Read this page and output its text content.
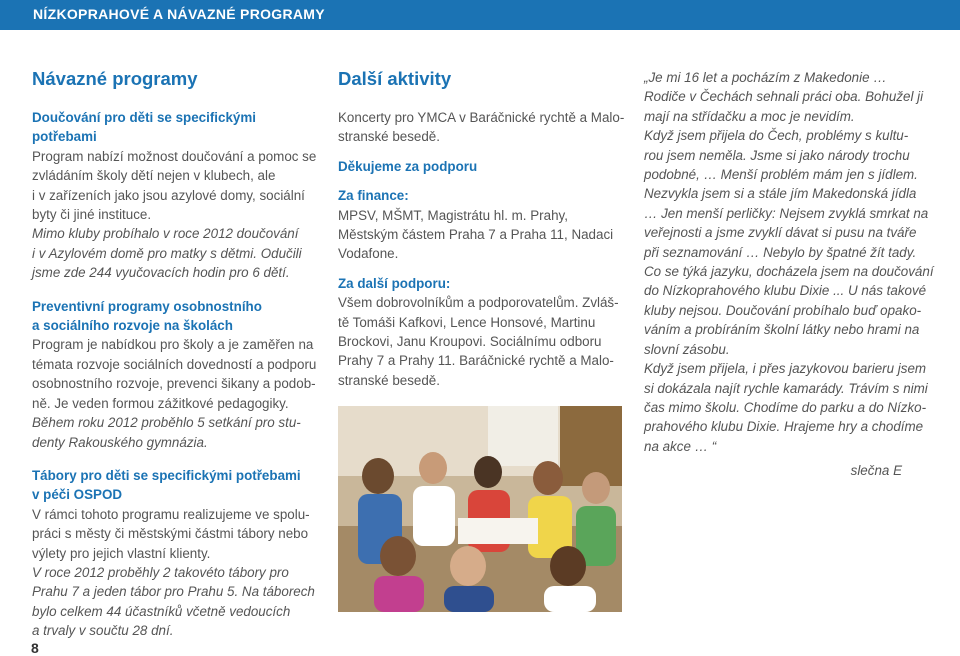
NÍZKOPRAHOVÉ A NÁVAZNÉ PROGRAMY

Návazné programy

Doučování pro děti se specifickými potřebami

Program nabízí možnost doučování a pomoc se
zvládáním školy dětí nejen v klubech, ale
i v zařízeních jako jsou azylové domy, sociální
byty či jiné instituce.

Mimo kluby probíhalo v roce 2012 doučování
i v Azylovém domě pro matky s dětmi. Odučili
jsme zde 244 vyučovacích hodin pro 6 dětí.

Preventivní programy osobnostního
a sociálního rozvoje na školách

Program je nabídkou pro školy a je zaměřen na
témata rozvoje sociálních dovedností a podporu
osobnostního rozvoje, prevenci šikany a podob-
ně. Je veden formou zážitkové pedagogiky.

Během roku 2012 proběhlo 5 setkání pro stu-
denty Rakouského gymnázia.

Tábory pro děti se specifickými potřebami
v péči OSPOD

V rámci tohoto programu realizujeme ve spolu-
práci s městy či městskými částmi tábory nebo
výlety pro jejich vlastní klienty.

V roce 2012 proběhly 2 takovéto tábory pro
Prahu 7 a jeden tábor pro Prahu 5. Na táborech
bylo celkem 44 účastníků včetně vedoucích
a trvaly v součtu 28 dní.

Další aktivity

Koncerty pro YMCA v Baráčnické rychtě a Malo-
stranské besedě.

Děkujeme za podporu

Za finance:

MPSV, MŠMT, Magistrátu hl. m. Prahy,
Městským částem Praha 7 a Praha 11, Nadaci
Vodafone.

Za další podporu:

Všem dobrovolníkům a podporovatelům. Zvláš-
tě Tomáši Kafkovi, Lence Honsové, Martinu
Brockovi, Janu Kroupovi. Sociálnímu odboru
Prahy 7 a Prahy 11. Baráčnické rychtě a Malo-
stranské besedě.

„Je mi 16 let a pocházím z Makedonie …
Rodiče v Čechách sehnali práci oba. Bohužel ji
mají na střídačku a moc je nevidím.
Když jsem přijela do Čech, problémy s kultu-
rou jsem neměla. Jsme si jako národy trochu
podobné, … Menší problém mám jen s jídlem.
Nezvykla jsem si a stále jím Makedonská jídla
… Jen menší perličky: Nejsem zvyklá smrkat na
veřejnosti a jsme zvyklí dávat si pusu na tváře
při seznamování … Nebylo by špatné žít tady.
Co se týká jazyku, docházela jsem na doučování
do Nízkoprahového klubu Dixie ... U nás takové
kluby nejsou. Doučování probíhalo buď opako-
váním a probíráním školní látky nebo hrami na
slovní zásobu.
Když jsem přijela, i přes jazykovou barieru jsem
si dokázala najít rychle kamarády. Trávím s nimi
čas mimo školu. Chodíme do parku a do Nízko-
prahového klubu Dixie. Hrajeme hry a chodíme
na akce … “

slečna E

8
